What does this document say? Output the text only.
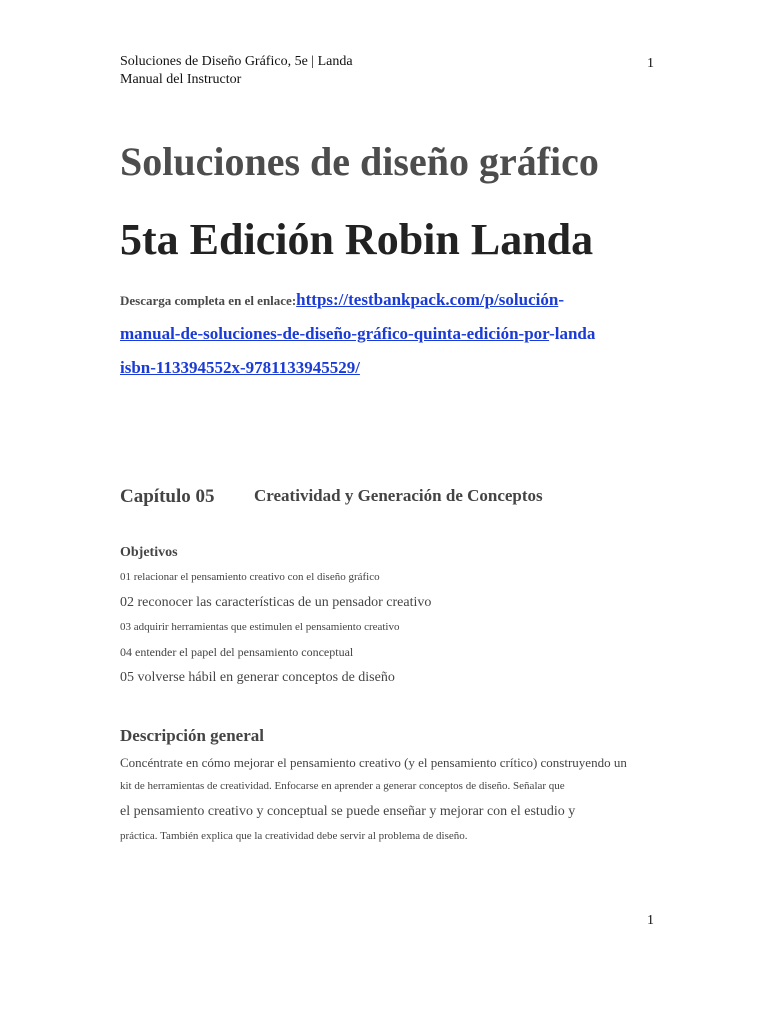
Soluciones de Diseño Gráfico, 5e | Landa
Manual del Instructor
1
Soluciones de diseño gráfico
5ta Edición Robin Landa
Descarga completa en el enlace:https://testbankpack.com/p/solución-
manual-de-soluciones-de-diseño-gráfico-quinta-edición-por-landa
isbn-113394552x-9781133945529/
Capítulo 05 Creatividad y Generación de Conceptos
Objetivos
01 relacionar el pensamiento creativo con el diseño gráfico
02 reconocer las características de un pensador creativo
03 adquirir herramientas que estimulen el pensamiento creativo
04 entender el papel del pensamiento conceptual
05 volverse hábil en generar conceptos de diseño
Descripción general
Concéntrate en cómo mejorar el pensamiento creativo (y el pensamiento crítico) construyendo un
kit de herramientas de creatividad. Enfocarse en aprender a generar conceptos de diseño. Señalar que
el pensamiento creativo y conceptual se puede enseñar y mejorar con el estudio y
práctica. También explica que la creatividad debe servir al problema de diseño.
1
